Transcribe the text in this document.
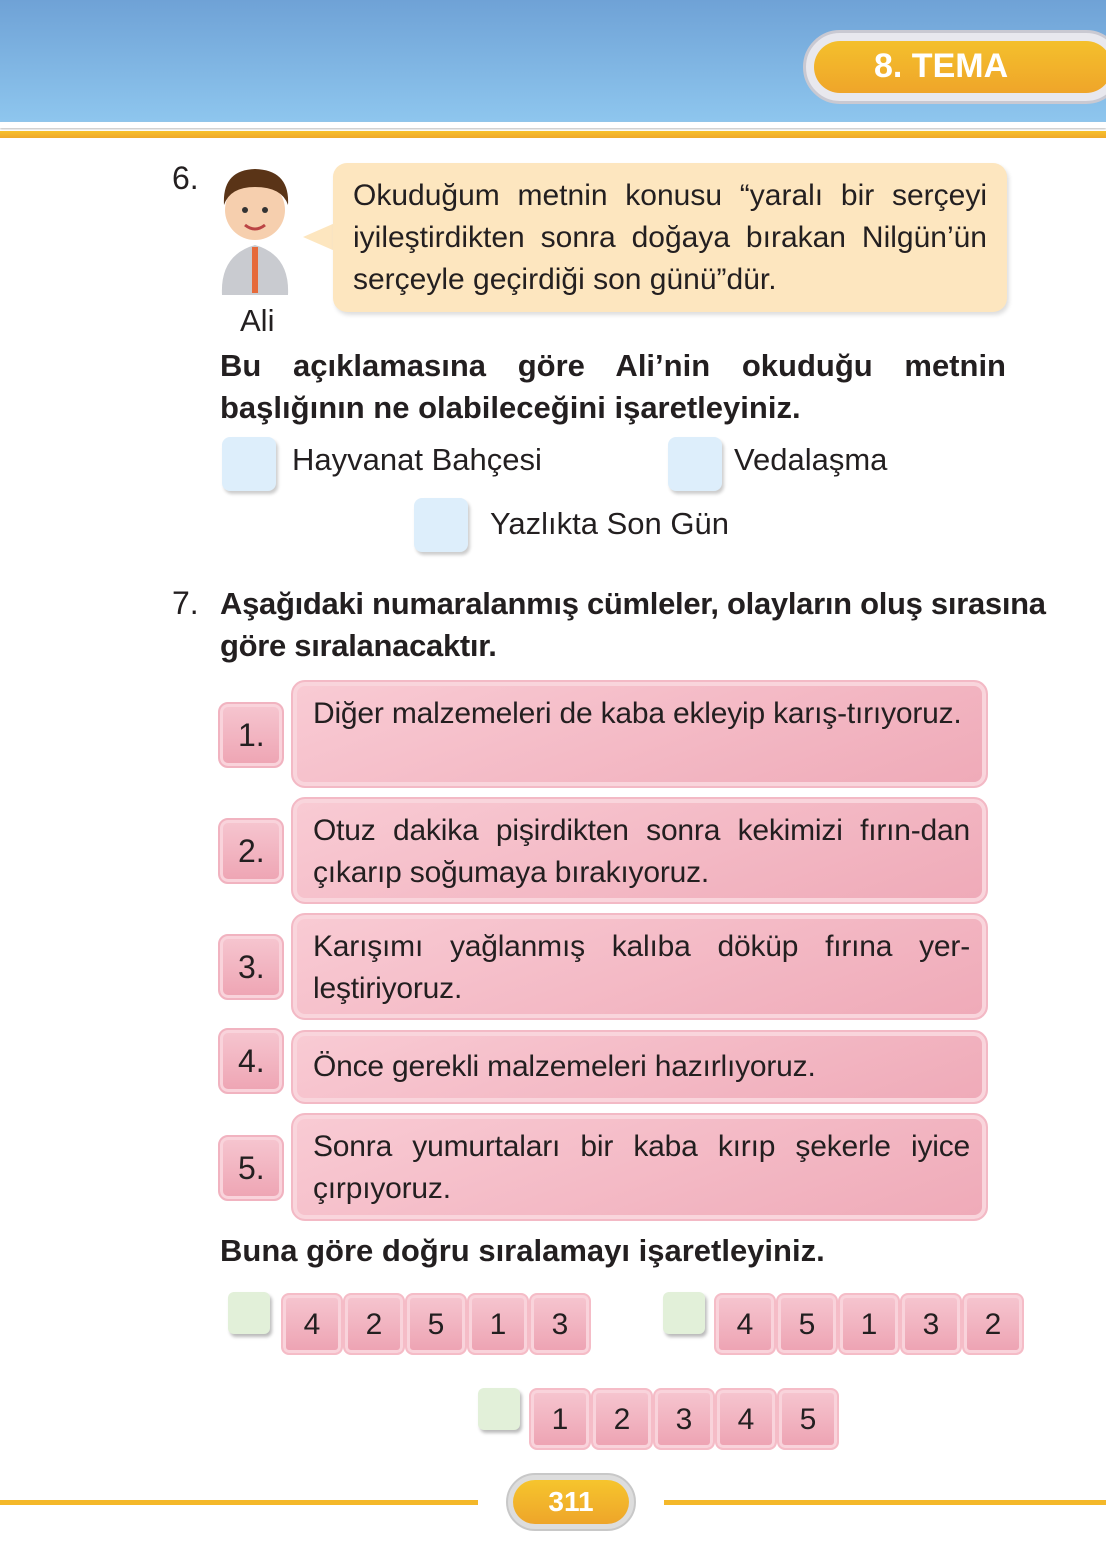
8. TEMA
6.
Ali
Okuduğum metnin konusu “yaralı bir serçeyi iyileştirdikten sonra doğaya bırakan Nilgün’ün serçeyle geçirdiği son günü”dür.
Bu açıklamasına göre Ali’nin okuduğu metnin başlığının ne olabileceğini işaretleyiniz.
Hayvanat Bahçesi	Vedalaşma
Yazlıkta Son Gün
7. Aşağıdaki numaralanmış cümleler, olayların oluş sırasına göre sıralanacaktır.
1.
Diğer malzemeleri de kaba ekleyip karış-tırıyoruz.
2.
Otuz dakika pişirdikten sonra kekimizi fırın-dan çıkarıp soğumaya bırakıyoruz.
3.
Karışımı yağlanmış kalıba döküp fırına yer-leştiriyoruz.
4.	Önce gerekli malzemeleri hazırlıyoruz.
5.
Sonra yumurtaları bir kaba kırıp şekerle iyice çırpıyoruz.
Buna göre doğru sıralamayı işaretleyiniz.
4	2	5	1	3	4	5	1	3	2
1	2	3	4	5
311
